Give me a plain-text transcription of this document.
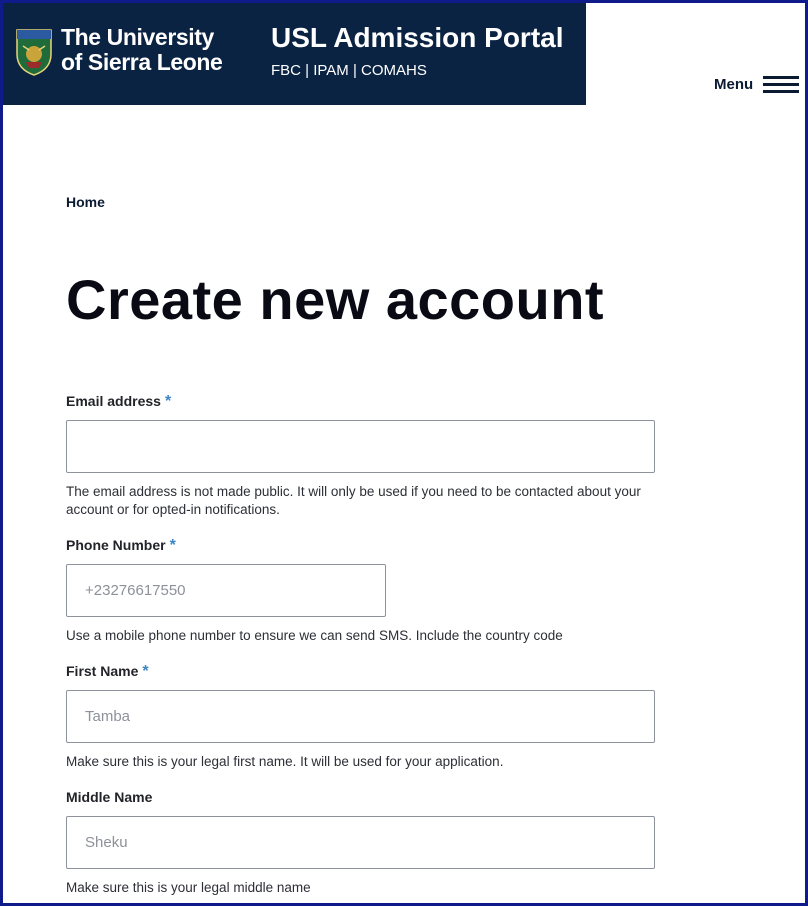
The University
of Sierra Leone
USL Admission Portal
FBC | IPAM | COMAHS
Menu
Home
Create new account
Email address *
The email address is not made public. It will only be used if you need to be contacted about your account or for opted-in notifications.
Phone Number *
+23276617550
Use a mobile phone number to ensure we can send SMS. Include the country code
First Name *
Tamba
Make sure this is your legal first name. It will be used for your application.
Middle Name
Sheku
Make sure this is your legal middle name
